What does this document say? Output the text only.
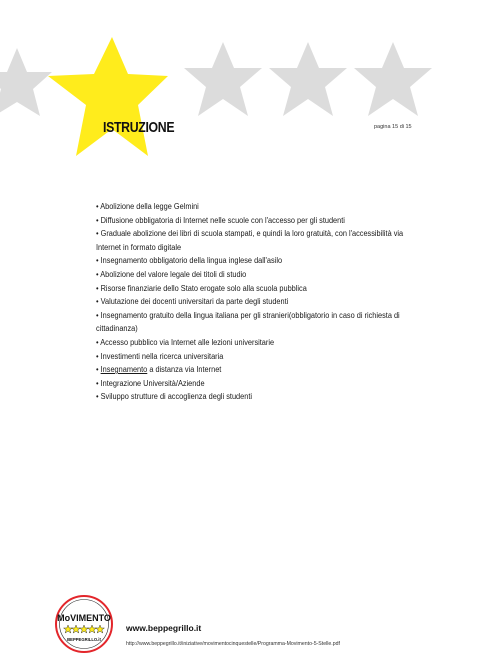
ISTRUZIONE	pagina 15 di 15
• Abolizione della legge Gelmini
• Diffusione obbligatoria di Internet nelle scuole con l'accesso per gli studenti
• Graduale abolizione dei libri di scuola stampati, e quindi la loro gratuità, con l'accessibilità via Internet in formato digitale
• Insegnamento obbligatorio della lingua inglese dall'asilo
• Abolizione del valore legale dei titoli di studio
• Risorse finanziarie dello Stato erogate solo alla scuola pubblica
• Valutazione dei docenti universitari da parte degli studenti
• Insegnamento gratuito della lingua italiana per gli stranieri(obbligatorio in caso di richiesta di cittadinanza)
• Accesso pubblico via Internet alle lezioni universitarie
• Investimenti nella ricerca universitaria
• Insegnamento a distanza via Internet
• Integrazione Università/Aziende
• Sviluppo strutture di accoglienza degli studenti
MoVIMENTO
BEPPEGRILLO.it
www.beppegrillo.it
http://www.beppegrillo.it/iniziative/movimentocinquestelle/Programma-Movimento-5-Stelle.pdf
